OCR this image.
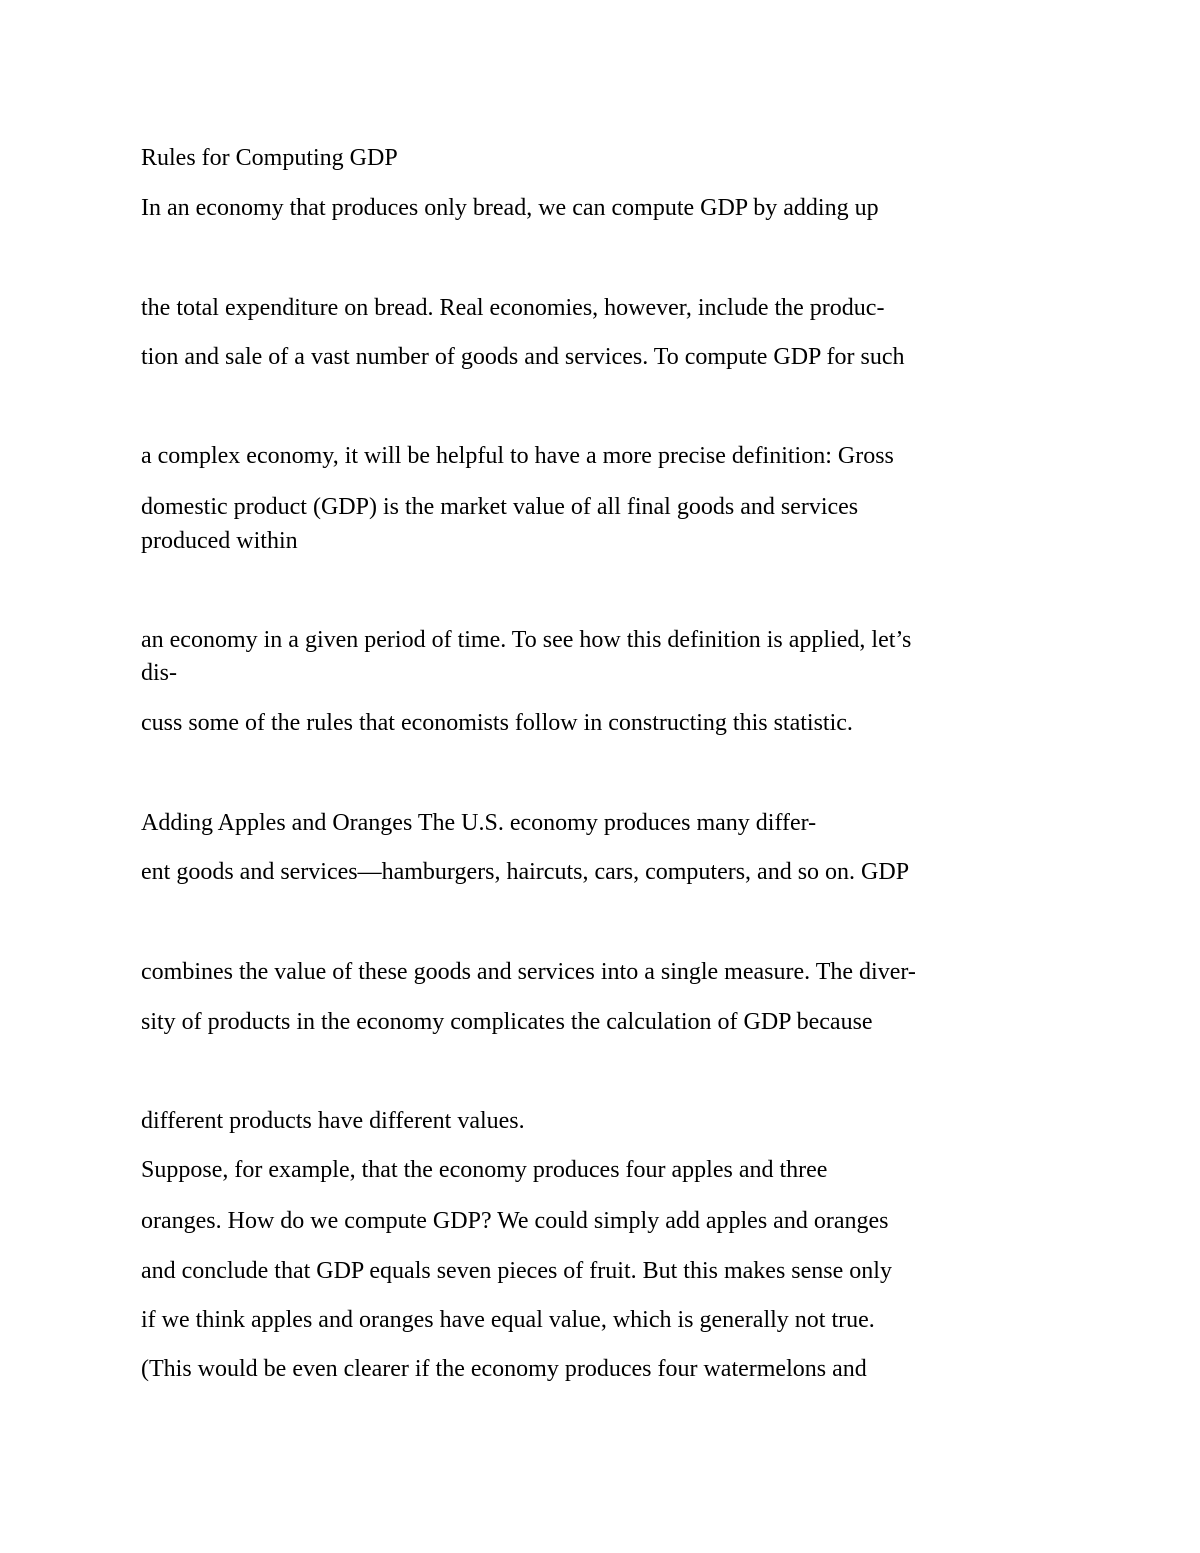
Rules for Computing GDP

In an economy that produces only bread, we can compute GDP by adding up

the total expenditure on bread. Real economies, however, include the produc-

tion and sale of a vast number of goods and services. To compute GDP for such

a complex economy, it will be helpful to have a more precise definition: Gross

domestic product (GDP) is the market value of all final goods and services

produced within

an economy in a given period of time. To see how this definition is applied, let’s

dis-

cuss some of the rules that economists follow in constructing this statistic.

Adding Apples and Oranges The U.S. economy produces many differ-

ent goods and services—hamburgers, haircuts, cars, computers, and so on. GDP

combines the value of these goods and services into a single measure. The diver-

sity of products in the economy complicates the calculation of GDP because

different products have different values.

Suppose, for example, that the economy produces four apples and three

oranges. How do we compute GDP? We could simply add apples and oranges

and conclude that GDP equals seven pieces of fruit. But this makes sense only

if we think apples and oranges have equal value, which is generally not true.

(This would be even clearer if the economy produces four watermelons and
